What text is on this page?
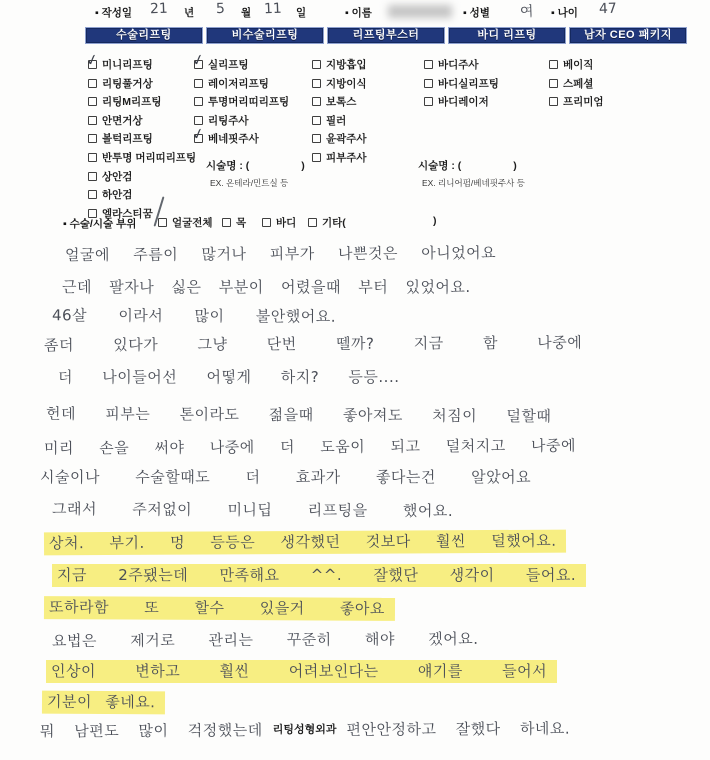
▪ 작성일 21 년 5 월 11 일	▪ 이름	▪ 성별 여 ▪ 나이 47
▪ 수술/시술 부위
수술리프팅
✓ 미니리프팅
리팅풀거상
리팅M리프팅
안면거상
볼턱리프팅
반투명 머리띠리프팅
상안검
하안검
엘라스티꿈
비수술리프팅
✓ 실리프팅
레이저리프팅
투명머리띠리프팅
리팅주사
✓ 베네핏주사
시술명 : (	)
EX. 온테라/민트실 등
리프팅부스터
지방흡입
지방이식
보톡스
필러
윤곽주사
피부주사
바디 리프팅
바디주사
바디실리프팅
바디레이저
시술명 : (	)
EX. 리니어펌/베네핏주사 등
남자 CEO 패키지
베이직
스페셜
프리미엄
얼굴전체	목	바디	기타(	)
얼굴에 주름이 많거나 피부가 나쁜것은 아니었어요
근데 팔자나 싫은 부분이 어렸을때 부터 있었어요.
46살 이라서 많이 불안했어요.
좀더 있다가 그냥 단번 뗄까? 지금 함 나중에
더 나이들어선 어떻게 하지? 등등....
헌데 피부는 톤이라도 젊을때 좋아져도 처짐이 덜할때
미리 손을 써야 나중에 더 도움이 되고 덜처지고 나중에
시술이나 수술할때도 더 효과가 좋다는건 알았어요
그래서 주저없이 미니딥 리프팅을 했어요.
상처. 부기. 멍 등등은 생각했던 것보다 훨씬 덜했어요.
지금 2주됐는데 만족해요 ^^. 잘했단 생각이 들어요.
또하라함 또 할수 있을거 좋아요
요법은 제거로 관리는 꾸준히 해야 겠어요.
인상이 변하고 훨씬 어려보인다는 얘기를 들어서
기분이 좋네요.
뭐 남편도 많이 걱정했는데 리팅성형외과 편안안정하고 잘했다 하네요.
